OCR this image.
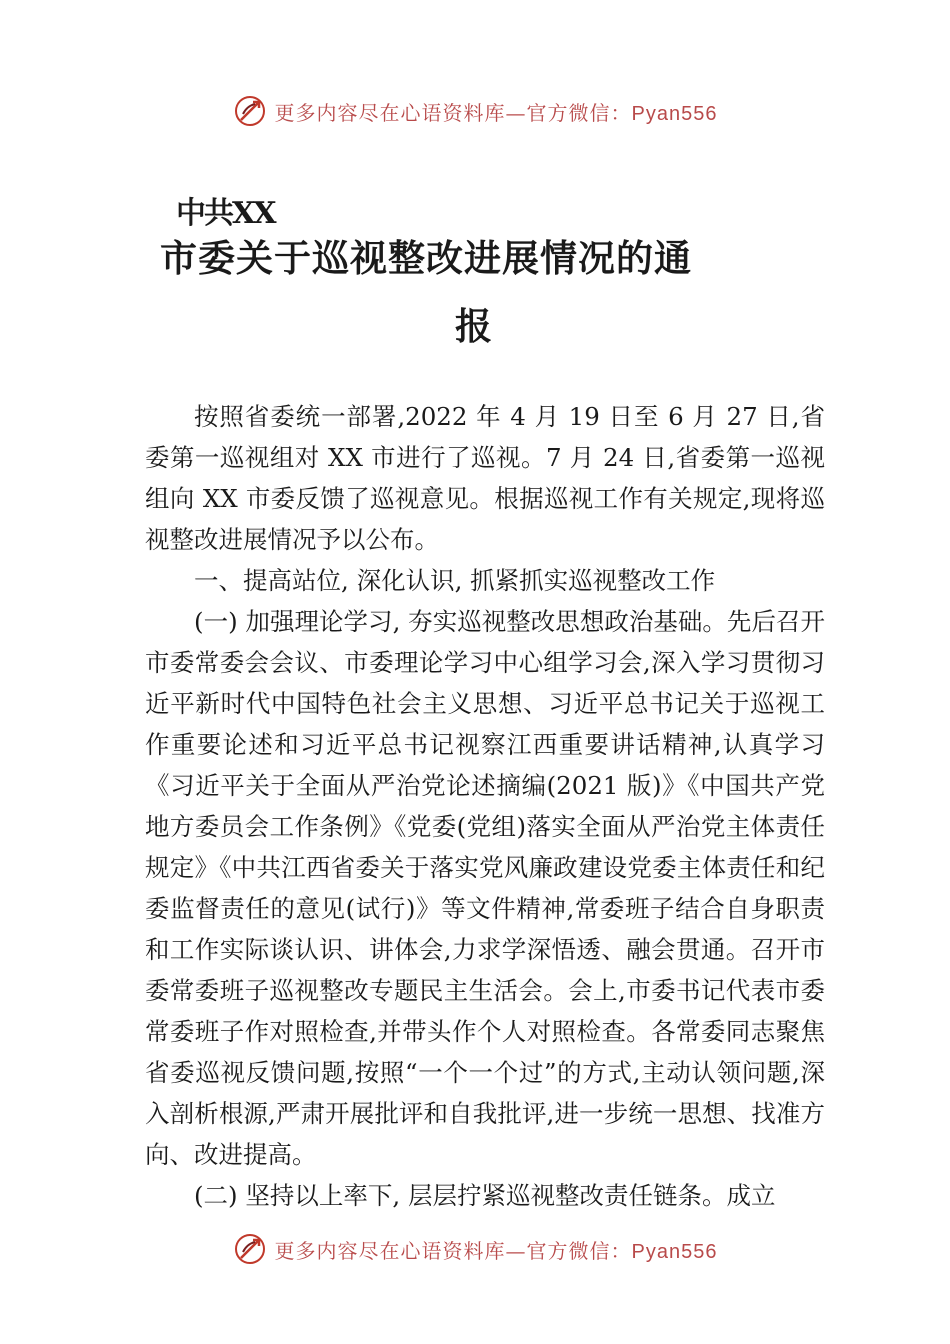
更多内容尽在心语资料库—官方微信：Pyan556
中共XX
市委关于巡视整改进展情况的通
报

按照省委统一部署,2022 年 4 月 19 日至 6 月 27 日,省委第一巡视组对 XX 市进行了巡视。7 月 24 日,省委第一巡视组向 XX 市委反馈了巡视意见。根据巡视工作有关规定,现将巡视整改进展情况予以公布。

一、提高站位, 深化认识, 抓紧抓实巡视整改工作

(一) 加强理论学习, 夯实巡视整改思想政治基础。先后召开市委常委会会议、市委理论学习中心组学习会,深入学习贯彻习近平新时代中国特色社会主义思想、习近平总书记关于巡视工作重要论述和习近平总书记视察江西重要讲话精神,认真学习《习近平关于全面从严治党论述摘编(2021 版)》《中国共产党地方委员会工作条例》《党委(党组)落实全面从严治党主体责任规定》《中共江西省委关于落实党风廉政建设党委主体责任和纪委监督责任的意见(试行)》等文件精神,常委班子结合自身职责和工作实际谈认识、讲体会,力求学深悟透、融会贯通。召开市委常委班子巡视整改专题民主生活会。会上,市委书记代表市委常委班子作对照检查,并带头作个人对照检查。各常委同志聚焦省委巡视反馈问题,按照“一个一个过”的方式,主动认领问题,深入剖析根源,严肃开展批评和自我批评,进一步统一思想、找准方向、改进提高。

(二) 坚持以上率下, 层层拧紧巡视整改责任链条。成立

更多内容尽在心语资料库—官方微信：Pyan556
